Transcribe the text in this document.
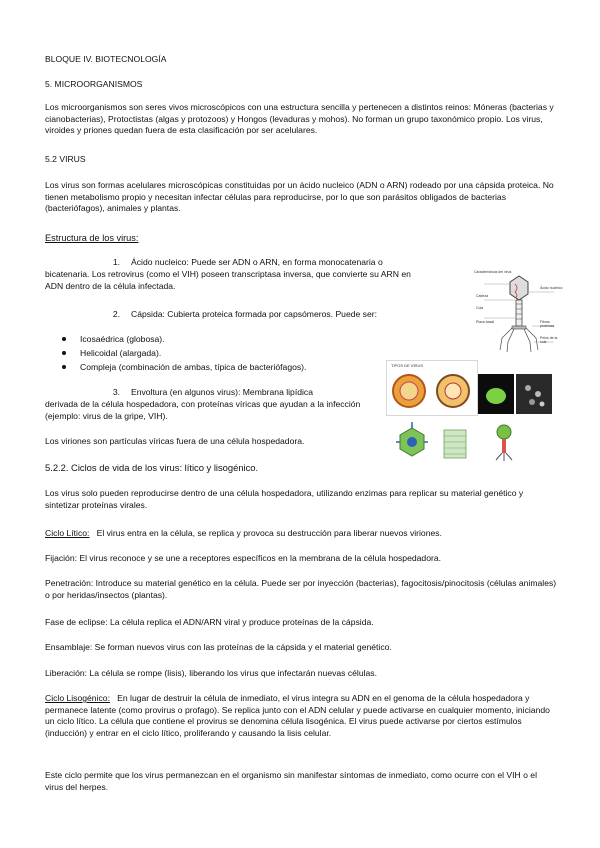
BLOQUE IV. BIOTECNOLOGÍA

5. MICROORGANISMOS

Los microorganismos son seres vivos microscópicos con una estructura sencilla y pertenecen a distintos reinos: Móneras (bacterias y cianobacterias), Protoctistas (algas y protozoos) y Hongos (levaduras y mohos). No forman un grupo taxonómico propio. Los virus, viroides y priones quedan fuera de esta clasificación por ser acelulares.

5.2 VIRUS

Los virus son formas acelulares microscópicas constituidas por un ácido nucleico (ADN o ARN) rodeado por una cápsida proteica. No tienen metabolismo propio y necesitan infectar células para reproducirse, por lo que son parásitos obligados de bacterias (bacteriófagos), animales y plantas.

Estructura de los virus:

1. Ácido nucleico: Puede ser ADN o ARN, en forma monocatenaria o

bicatenaria. Los retrovirus (como el VIH) poseen transcriptasa inversa, que convierte su ARN en ADN dentro de la célula infectada.

2. Cápsida: Cubierta proteica formada por capsómeros. Puede ser:

Icosaédrica (globosa).
Helicoidal (alargada).
Compleja (combinación de ambas, típica de bacteriófagos).

3. Envoltura (en algunos virus): Membrana lipídica

derivada de la célula hospedadora, con proteínas víricas que ayudan a la infección (ejemplo: virus de la gripe, VIH).

Los viriones son partículas víricas fuera de una célula hospedadora.

5.2.2. Ciclos de vida de los virus: lítico y lisogénico.

Los virus solo pueden reproducirse dentro de una célula hospedadora, utilizando enzimas para replicar su material genético y sintetizar proteínas virales.

Ciclo Lítico: El virus entra en la célula, se replica y provoca su destrucción para liberar nuevos viriones.

Fijación: El virus reconoce y se une a receptores específicos en la membrana de la célula hospedadora.

Penetración: Introduce su material genético en la célula. Puede ser por inyección (bacterias), fagocitosis/pinocitosis (células animales) o por heridas/insectos (plantas).

Fase de eclipse: La célula replica el ADN/ARN viral y produce proteínas de la cápsida.

Ensamblaje: Se forman nuevos virus con las proteínas de la cápsida y el material genético.

Liberación: La célula se rompe (lisis), liberando los virus que infectarán nuevas células.

Ciclo Lisogénico: En lugar de destruir la célula de inmediato, el virus integra su ADN en el genoma de la célula hospedadora y permanece latente (como provirus o profago). Se replica junto con el ADN celular y puede activarse en cualquier momento, iniciando un ciclo lítico. La célula que contiene el provirus se denomina célula lisogénica. El virus puede activarse por ciertos estímulos (inducción) y entrar en el ciclo lítico, proliferando y causando la lisis celular.

Este ciclo permite que los virus permanezcan en el organismo sin manifestar síntomas de inmediato, como ocurre con el VIH o el virus del herpes.

Características del virus
Cabeza
Cola
Placa basal
Ácido nucleico
Fibras proteicas
Pelos de la cola
TIPOS DE VIRUS
